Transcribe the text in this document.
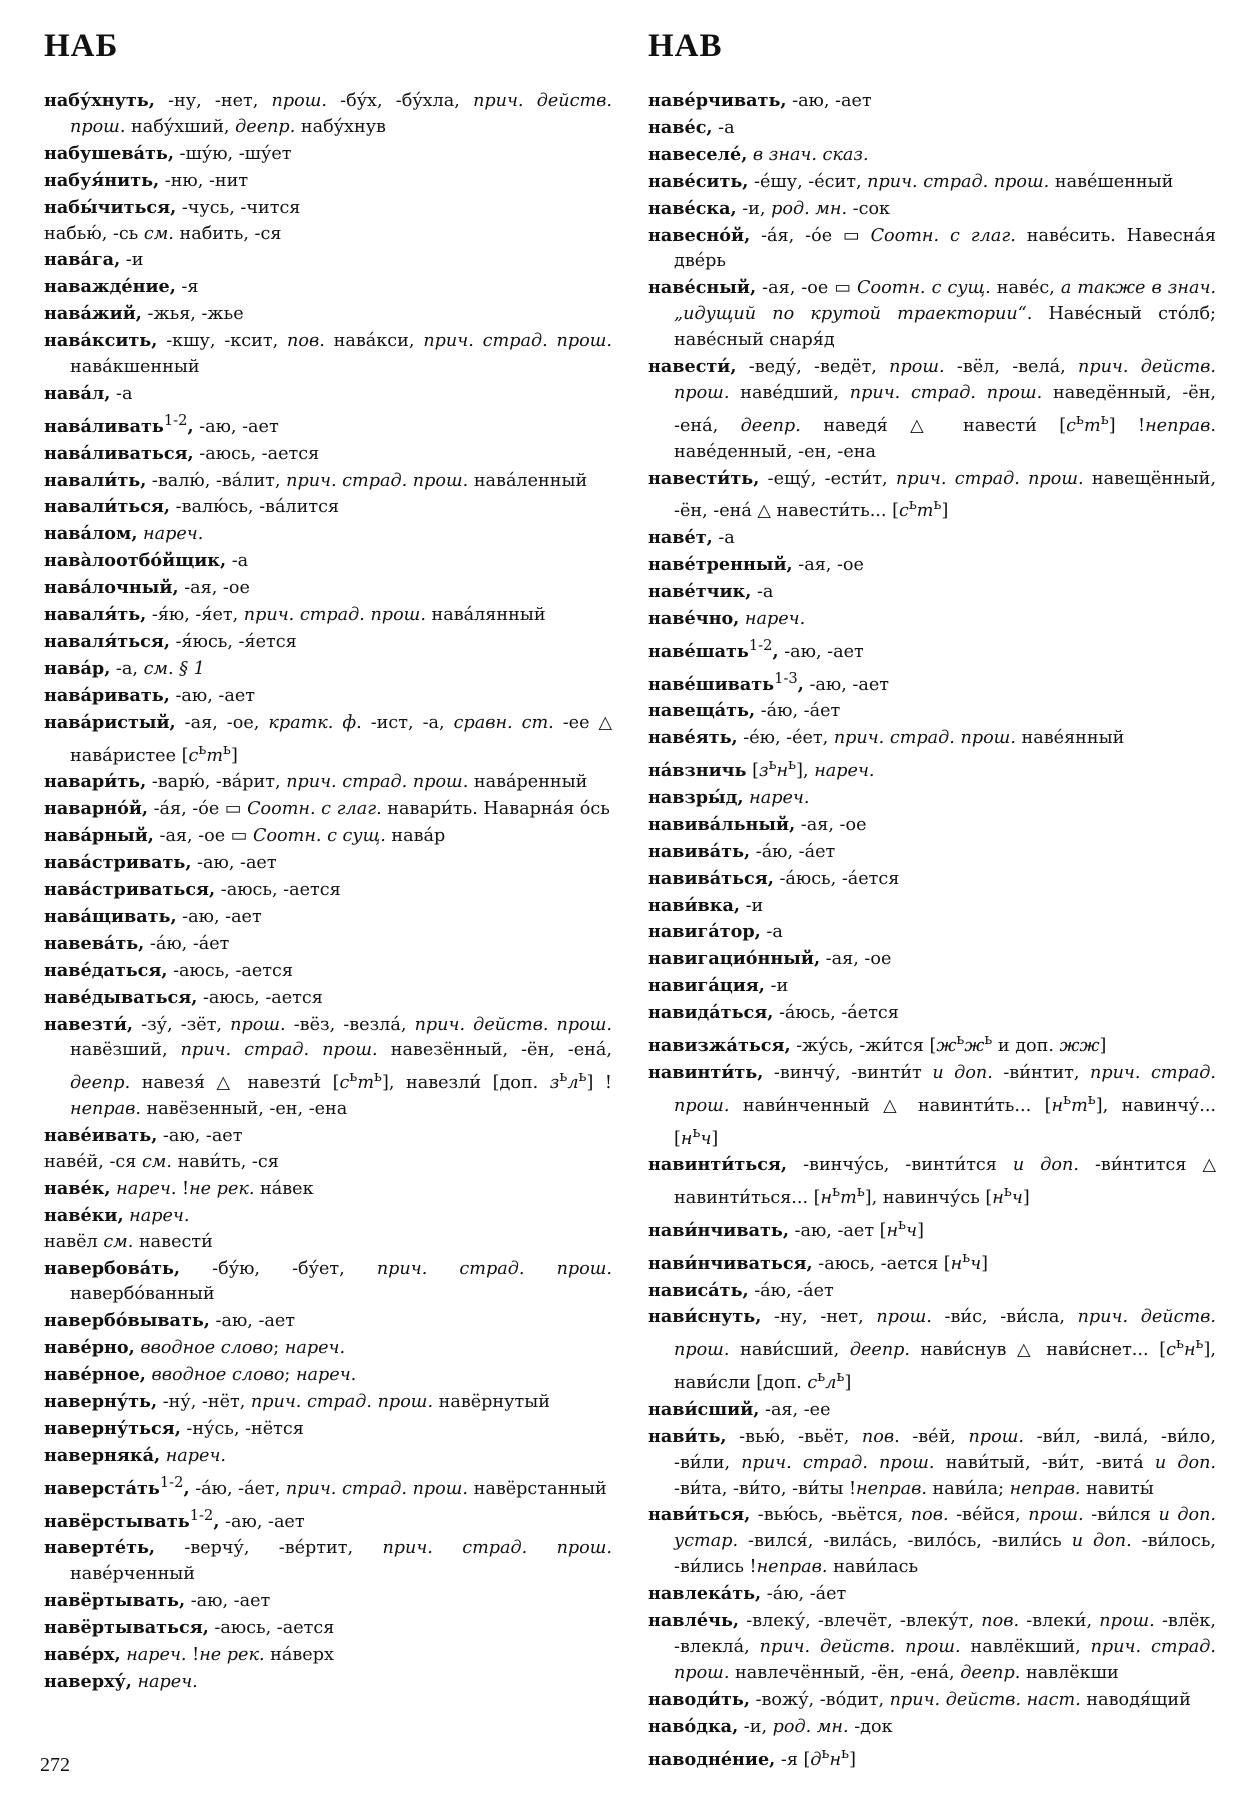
НАБ	НАВ

набу́хнуть, -ну, -нет, прош. -бу́х, -бу́хла, прич. действ. прош. набу́хший, деепр. набу́хнув

набушева́ть, -шу́ю, -шу́ет

набуя́нить, -ню, -нит

набы́читься, -чусь, -чится

набью́, -сь см. набить, -ся

нава́га, -и

наважде́ние, -я

нава́жий, -жья, -жье

нава́ксить, -кшу, -ксит, пов. нава́кси, прич. страд. прош. нава́кшенный

нава́л, -а

нава́ливать$^{1-2}$, -аю, -ает

нава́ливаться, -аюсь, -ается

навали́ть, -валю́, -ва́лит, прич. страд. прош. нава́ленный

навали́ться, -валю́сь, -ва́лится

нава́лом, нареч.

нава̀лоотбо́йщик, -а

нава́лочный, -ая, -ое

наваля́ть, -я́ю, -я́ет, прич. страд. прош. нава́лянный

наваля́ться, -я́юсь, -я́ется

нава́р, -а, см. § 1

нава́ривать, -аю, -ает

нава́ристый, -ая, -ое, кратк. ф. -ист, -а, сравн. ст. -ее △ нава́ристее $[с^ьт^ь]$

навари́ть, -варю́, -ва́рит, прич. страд. прош. нава́ренный

наварно́й, -а́я, -о́е ▭ Соотн. с глаг. навари́ть. Наварна́я о́сь

нава́рный, -ая, -ое ▭ Соотн. с сущ. нава́р

нава́стривать, -аю, -ает

нава́стриваться, -аюсь, -ается

нава́щивать, -аю, -ает

навева́ть, -а́ю, -а́ет

наве́даться, -аюсь, -ается

наве́дываться, -аюсь, -ается

навезти́, -зу́, -зёт, прош. -вёз, -везла́, прич. действ. прош. навёзший, прич. страд. прош. навезённый, -ён, -ена́, деепр. навезя́ △ навезти́ $[с^ьт^ь]$, навезли́ [доп. $з^ьл^ь$] !неправ. навёзенный, -ен, -ена

наве́ивать, -аю, -ает

наве́й, -ся см. нави́ть, -ся

наве́к, нареч. !не рек. на́век

наве́ки, нареч.

навёл см. навести́

навербова́ть, -бу́ю, -бу́ет, прич. страд. прош. навербо́ванный

навербо́вывать, -аю, -ает

наве́рно, вводное слово; нареч.

наве́рное, вводное слово; нареч.

наверну́ть, -ну́, -нёт, прич. страд. прош. навёрнутый

наверну́ться, -ну́сь, -нётся

наверняка́, нареч.

$наверста́ть^{1-2}$, -а́ю, -а́ет, прич. страд. прош. навёрстанный

навёрстывать$^{1-2}$, -аю, -ает

наверте́ть, -верчу́, -ве́ртит, прич. страд. прош. наве́рченный

навёртывать, -аю, -ает

навёртываться, -аюсь, -ается

наве́рх, нареч. !не рек. на́верх

наверху́, нареч.

наве́рчивать, -аю, -ает

наве́с, -а

навеселе́, в знач. сказ.

наве́сить, -е́шу, -е́сит, прич. страд. прош. наве́шенный

наве́ска, -и, род. мн. -сок

навесно́й, -а́я, -о́е ▭ Соотн. с глаг. наве́сить. Навесна́я две́рь

наве́сный, -ая, -ое ▭ Соотн. с сущ. наве́с, а также в знач. „идущий по крутой траектории“. Наве́сный сто́лб; наве́сный снаря́д

навести́, -веду́, -ведёт, прош. -вёл, -вела́, прич. действ. прош. наве́дший, прич. страд. прош. наведённый, -ён, -ена́, деепр. наведя́ △ навести́ $[с^ьт^ь]$ !неправ. наве́денный, -ен, -ена

навести́ть, -ещу́, -ести́т, прич. страд. прош. навещённый, -ён, -ена́ △ навести́ть... $[с^ьт^ь]$

наве́т, -а

наве́тренный, -ая, -ое

наве́тчик, -а

наве́чно, нареч.

наве́шать$^{1-2}$, -аю, -ает

наве́шивать$^{1-3}$, -аю, -ает

навеща́ть, -а́ю, -а́ет

наве́ять, -е́ю, -е́ет, прич. страд. прош. наве́янный

на́взничь $[з^ьн^ь]$, нареч.

навзры́д, нареч.

навива́льный, -ая, -ое

навива́ть, -а́ю, -а́ет

навива́ться, -а́юсь, -а́ется

нави́вка, -и

навига́тор, -а

навигацио́нный, -ая, -ое

навига́ция, -и

навида́ться, -а́юсь, -а́ется

навизжа́ться, -жу́сь, -жи́тся [$ж^ьж^ь$ и доп. жж]

навинти́ть, -винчу́, -винти́т и доп. -ви́нтит, прич. страд. прош. нави́нченный △ навинти́ть... $[н^ьт^ь]$, навинчу́... $[н^ьч]$

навинти́ться, -винчу́сь, -винти́тся и доп. -ви́нтится △ навинти́ться... $[н^ьт^ь]$, навинчу́сь $[н^ьч]$

нави́нчивать, -аю, -ает $[н^ьч]$

нави́нчиваться, -аюсь, -ается $[н^ьч]$

нависа́ть, -а́ю, -а́ет

нави́снуть, -ну, -нет, прош. -ви́с, -ви́сла, прич. действ. прош. нави́сший, деепр. нави́снув △ нави́снет... $[с^ьн^ь]$, нави́сли [доп. $с^ьл^ь$]

нави́сший, -ая, -ее

нави́ть, -вью́, -вьёт, пов. -ве́й, прош. -ви́л, -вила́, -ви́ло, -ви́ли, прич. страд. прош. нави́тый, -ви́т, -вита́ и доп. -ви́та, -ви́то, -ви́ты !неправ. нави́ла; неправ. навиты́

нави́ться, -вью́сь, -вьётся, пов. -ве́йся, прош. -ви́лся и доп. устар. -вился́, -вила́сь, -вило́сь, -вили́сь и доп. -ви́лось, -ви́лись !неправ. нави́лась

навлека́ть, -а́ю, -а́ет

навле́чь, -влеку́, -влечёт, -влеку́т, пов. -влеки́, прош. -влёк, -влекла́, прич. действ. прош. навлёкший, прич. страд. прош. навлечённый, -ён, -ена́, деепр. навлёкши

наводи́ть, -вожу́, -во́дит, прич. действ. наст. наводя́щий

наво́дка, -и, род. мн. -док

наводне́ние, -я $[д^ьн^ь]$

272
